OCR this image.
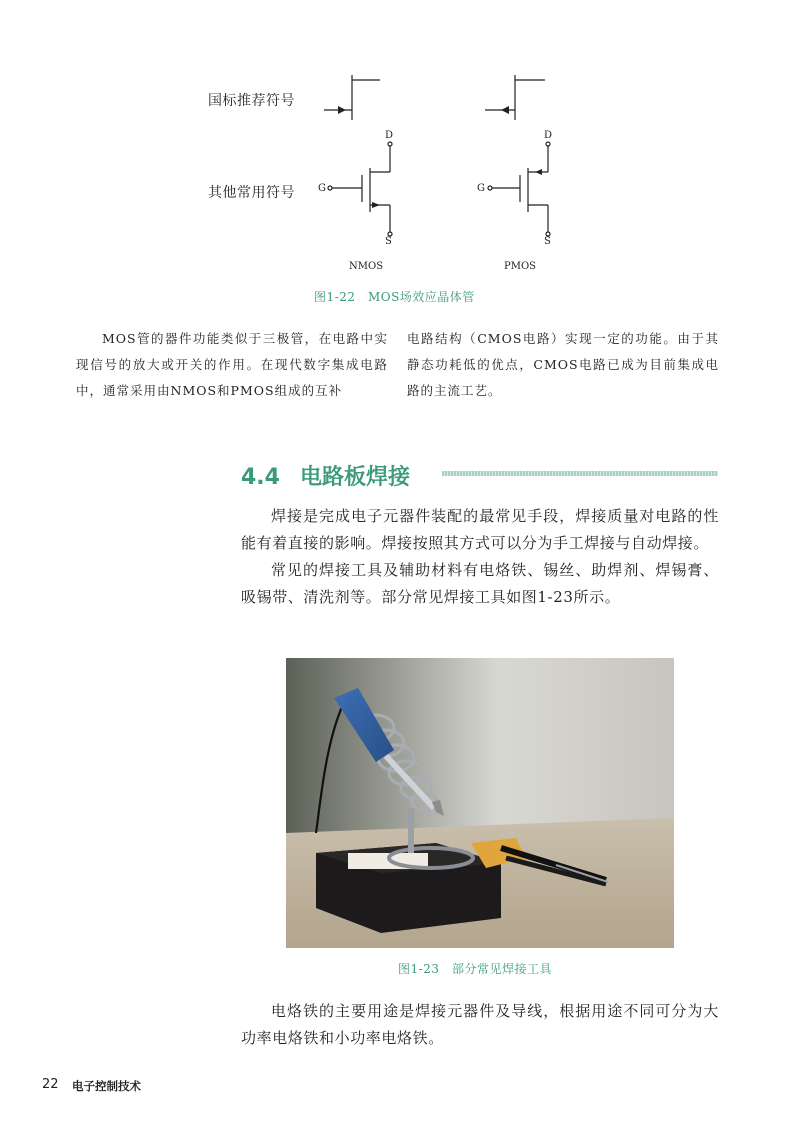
国标推荐符号
其他常用符号
D
G
S
D
G
S
NMOS	PMOS
图1-22　MOS场效应晶体管
MOS管的器件功能类似于三极管，在电路中实现信号的放大或开关的作用。在现代数字集成电路中，通常采用由NMOS和PMOS组成的互补
电路结构（CMOS电路）实现一定的功能。由于其静态功耗低的优点，CMOS电路已成为目前集成电路的主流工艺。
4.4 电路板焊接

焊接是完成电子元器件装配的最常见手段，焊接质量对电路的性能有着直接的影响。焊接按照其方式可以分为手工焊接与自动焊接。

常见的焊接工具及辅助材料有电烙铁、锡丝、助焊剂、焊锡膏、吸锡带、清洗剂等。部分常见焊接工具如图1-23所示。

图1-23　部分常见焊接工具

电烙铁的主要用途是焊接元器件及导线，根据用途不同可分为大功率电烙铁和小功率电烙铁。

22 电子控制技术
